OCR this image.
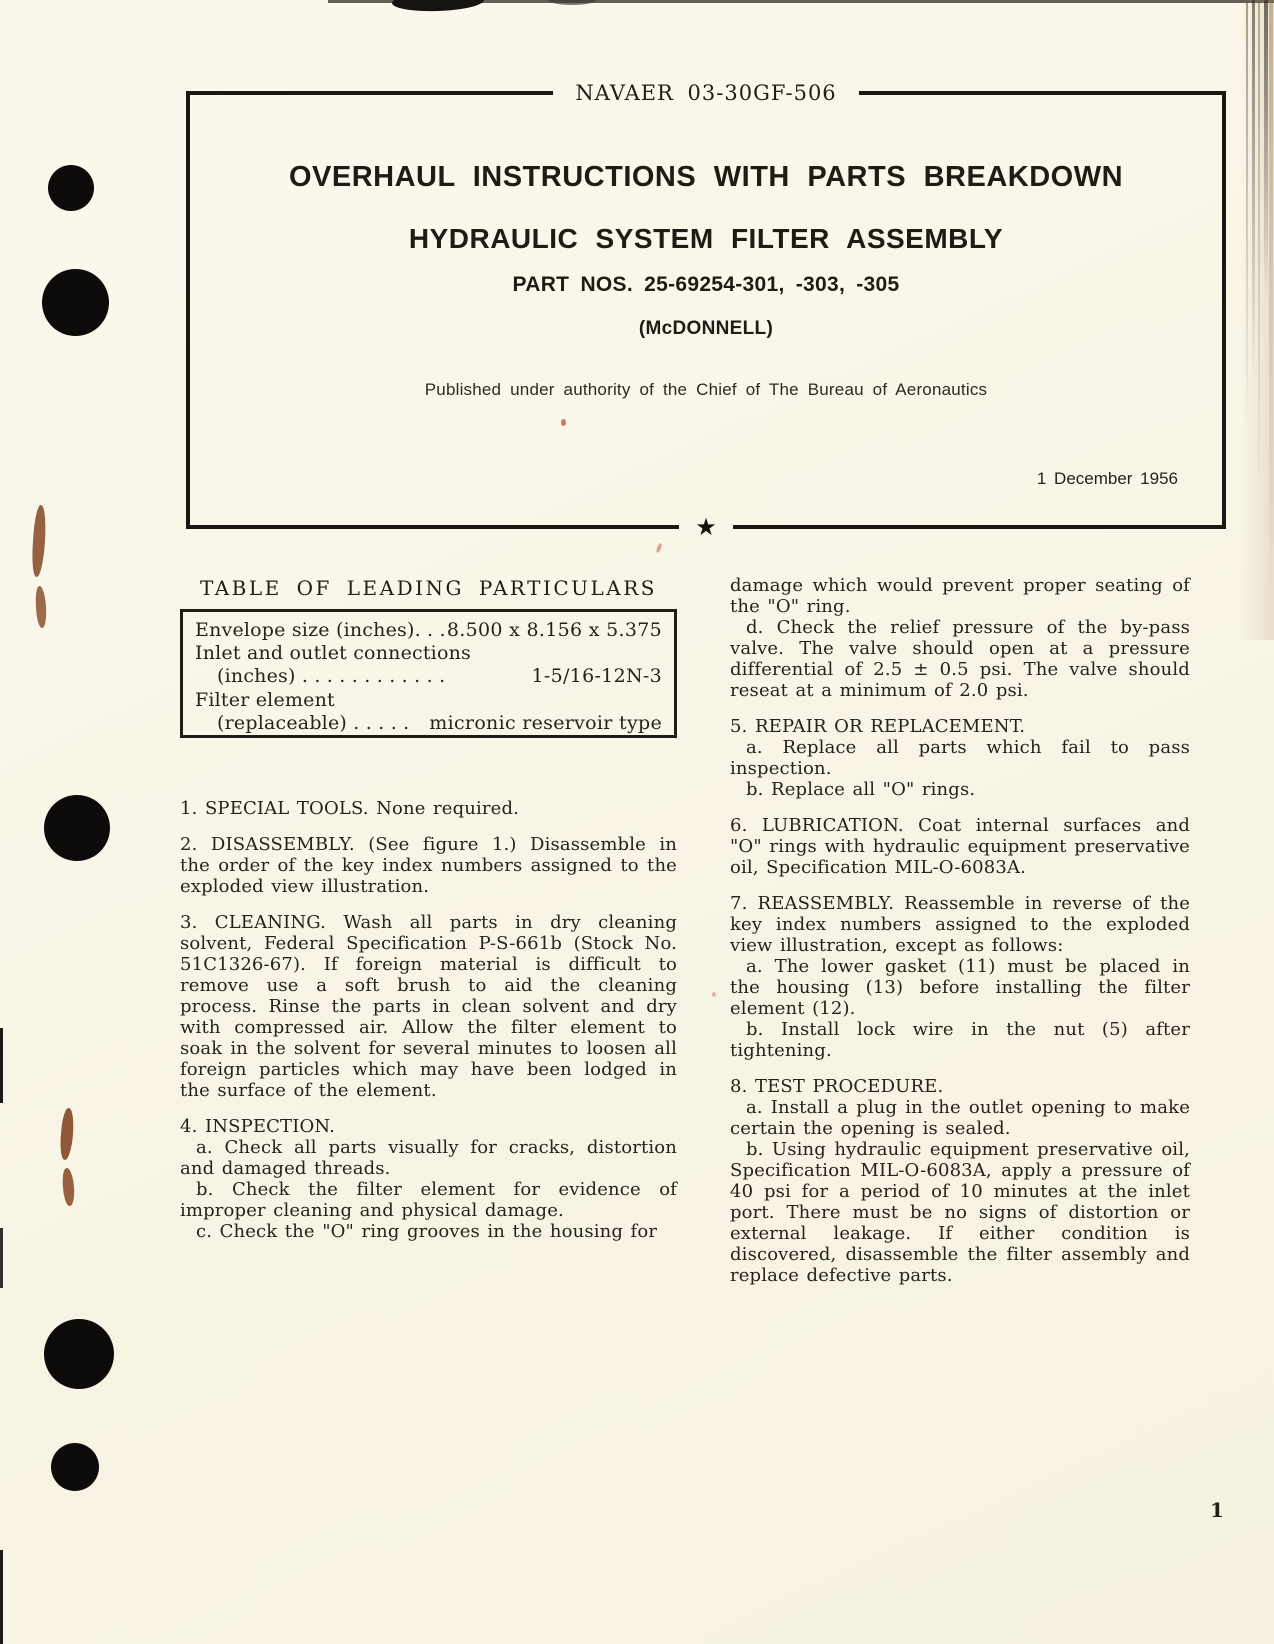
NAVAER 03-30GF-506
OVERHAUL INSTRUCTIONS WITH PARTS BREAKDOWN
HYDRAULIC SYSTEM FILTER ASSEMBLY
PART NOS. 25-69254-301, -303, -305
(McDONNELL)
Published under authority of the Chief of The Bureau of Aeronautics
1 December 1956
★
TABLE OF LEADING PARTICULARS
Envelope size (inches). . . 8.500 x 8.156 x 5.375
Inlet and outlet connections
(inches) . . . . . . . . . . . .	1-5/16-12N-3
Filter element
(replaceable) . . . . . micronic reservoir type

1. SPECIAL TOOLS. None required.

2. DISASSEMBLY. (See figure 1.) Disassemble in the order of the key index numbers assigned to the exploded view illustration.

3. CLEANING. Wash all parts in dry cleaning solvent, Federal Specification P-S-661b (Stock No. 51C1326-67). If foreign material is difficult to remove use a soft brush to aid the cleaning process. Rinse the parts in clean solvent and dry with compressed air. Allow the filter element to soak in the solvent for several minutes to loosen all foreign particles which may have been lodged in the surface of the element.

4. INSPECTION.

a. Check all parts visually for cracks, distortion and damaged threads.

b. Check the filter element for evidence of improper cleaning and physical damage.

c. Check the "O" ring grooves in the housing for

damage which would prevent proper seating of the "O" ring.

d. Check the relief pressure of the by-pass valve. The valve should open at a pressure differential of 2.5 ± 0.5 psi. The valve should reseat at a minimum of 2.0 psi.

5. REPAIR OR REPLACEMENT.

a. Replace all parts which fail to pass inspection.

b. Replace all "O" rings.

6. LUBRICATION. Coat internal surfaces and "O" rings with hydraulic equipment preservative oil, Specification MIL-O-6083A.

7. REASSEMBLY. Reassemble in reverse of the key index numbers assigned to the exploded view illustration, except as follows:

a. The lower gasket (11) must be placed in the housing (13) before installing the filter element (12).

b. Install lock wire in the nut (5) after tightening.

8. TEST PROCEDURE.

a. Install a plug in the outlet opening to make certain the opening is sealed.

b. Using hydraulic equipment preservative oil, Specification MIL-O-6083A, apply a pressure of 40 psi for a period of 10 minutes at the inlet port. There must be no signs of distortion or external leakage. If either condition is discovered, disassemble the filter assembly and replace defective parts.

1
